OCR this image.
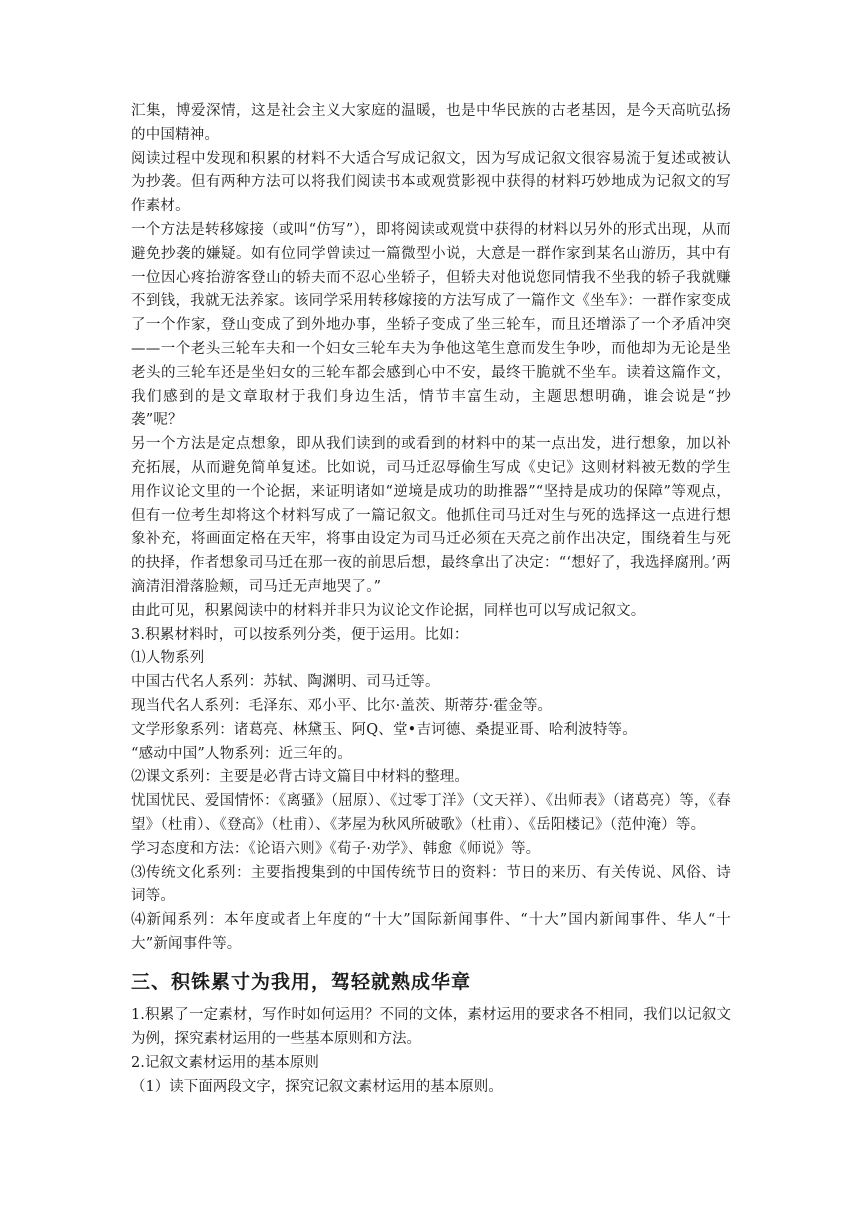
汇集，博爱深情，这是社会主义大家庭的温暖，也是中华民族的古老基因，是今天高吭弘扬的中国精神。

阅读过程中发现和积累的材料不大适合写成记叙文，因为写成记叙文很容易流于复述或被认为抄袭。但有两种方法可以将我们阅读书本或观赏影视中获得的材料巧妙地成为记叙文的写作素材。

一个方法是转移嫁接（或叫“仿写”），即将阅读或观赏中获得的材料以另外的形式出现，从而避免抄袭的嫌疑。如有位同学曾读过一篇微型小说，大意是一群作家到某名山游历，其中有一位因心疼抬游客登山的轿夫而不忍心坐轿子，但轿夫对他说您同情我不坐我的轿子我就赚不到钱，我就无法养家。该同学采用转移嫁接的方法写成了一篇作文《坐车》：一群作家变成了一个作家，登山变成了到外地办事，坐轿子变成了坐三轮车，而且还增添了一个矛盾冲突——一个老头三轮车夫和一个妇女三轮车夫为争他这笔生意而发生争吵，而他却为无论是坐老头的三轮车还是坐妇女的三轮车都会感到心中不安，最终干脆就不坐车。读着这篇作文，我们感到的是文章取材于我们身边生活，情节丰富生动，主题思想明确，谁会说是“抄袭”呢？

另一个方法是定点想象，即从我们读到的或看到的材料中的某一点出发，进行想象，加以补充拓展，从而避免简单复述。比如说，司马迁忍辱偷生写成《史记》这则材料被无数的学生用作议论文里的一个论据，来证明诸如“逆境是成功的助推器”“坚持是成功的保障”等观点，但有一位考生却将这个材料写成了一篇记叙文。他抓住司马迁对生与死的选择这一点进行想象补充，将画面定格在天牢，将事由设定为司马迁必须在天亮之前作出决定，围绕着生与死的抉择，作者想象司马迁在那一夜的前思后想，最终拿出了决定：“‘想好了，我选择腐刑。’两滴清泪滑落脸颊，司马迁无声地哭了。”

由此可见，积累阅读中的材料并非只为议论文作论据，同样也可以写成记叙文。

3.积累材料时，可以按系列分类，便于运用。比如：

⑴人物系列

中国古代名人系列：苏轼、陶渊明、司马迁等。

现当代名人系列：毛泽东、邓小平、比尔·盖茨、斯蒂芬·霍金等。

文学形象系列：诸葛亮、林黛玉、阿Q、堂•吉诃德、桑提亚哥、哈利波特等。

“感动中国”人物系列：近三年的。

⑵课文系列：主要是必背古诗文篇目中材料的整理。

忧国忧民、爱国情怀：《离骚》（屈原）、《过零丁洋》（文天祥）、《出师表》（诸葛亮）等，《春望》（杜甫）、《登高》（杜甫）、《茅屋为秋风所破歌》（杜甫）、《岳阳楼记》（范仲淹）等。

学习态度和方法：《论语六则》《荀子·劝学》、韩愈《师说》等。

⑶传统文化系列：主要指搜集到的中国传统节日的资料：节日的来历、有关传说、风俗、诗词等。

⑷新闻系列：本年度或者上年度的“十大”国际新闻事件、“十大”国内新闻事件、华人“十大”新闻事件等。

三、积铢累寸为我用，驾轻就熟成华章

1.积累了一定素材，写作时如何运用？不同的文体，素材运用的要求各不相同，我们以记叙文为例，探究素材运用的一些基本原则和方法。

2.记叙文素材运用的基本原则

（1）读下面两段文字，探究记叙文素材运用的基本原则。
